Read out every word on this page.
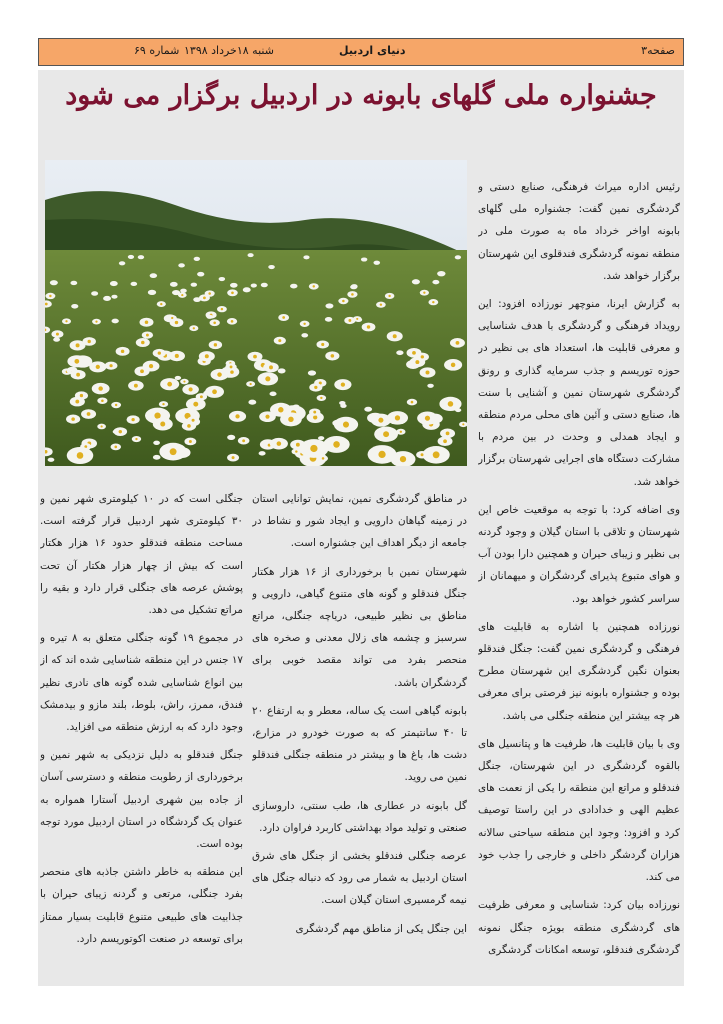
صفحه۳
دنیای اردبیل
شنبه ۱۸خرداد ۱۳۹۸
شماره ۶۹
جشنواره ملی گلهای بابونه در اردبیل برگزار می شود

رئیس اداره میراث فرهنگی، صنایع دستی و گردشگری نمین گفت: جشنواره ملی گلهای بابونه اواخر خرداد ماه به صورت ملی در منطقه نمونه گردشگری فندقلوی این شهرستان برگزار خواهد شد.

به گزارش ایرنا، منوچهر نورزاده افزود: این رویداد فرهنگی و گردشگری با هدف شناسایی و معرفی قابلیت ها، استعداد های بی نظیر در حوزه توریسم و جذب سرمایه گذاری و رونق گردشگری شهرستان نمین و آشنایی با سنت ها، صنایع دستی و آئین های محلی مردم منطقه و ایجاد همدلی و وحدت در بین مردم با مشارکت دستگاه های اجرایی شهرستان برگزار خواهد شد.

وی اضافه کرد: با توجه به موقعیت خاص این شهرستان و تلاقی با استان گیلان و وجود گردنه بی نظیر و زیبای حیران و همچنین دارا بودن آب و هوای متبوع پذیرای گردشگران و میهمانان از سراسر کشور خواهد بود.

نورزاده همچنین با اشاره به قابلیت های فرهنگی و گردشگری نمین گفت: جنگل فندقلو بعنوان نگین گردشگری این شهرستان مطرح بوده و جشنواره بابونه نیز فرصتی برای معرفی هر چه بیشتر این منطقه جنگلی می باشد.

وی با بیان قابلیت ها، ظرفیت ها و پتانسیل های بالقوه گردشگری در این شهرستان، جنگل فندقلو و مراتع این منطقه را یکی از نعمت های عظیم الهی و خدادادی در این راستا توصیف کرد و افزود: وجود این منطقه سیاحتی سالانه هزاران گردشگر داخلی و خارجی را جذب خود می کند.

نورزاده بیان کرد: شناسایی و معرفی ظرفیت های گردشگری منطقه بویژه جنگل نمونه گردشگری فندقلو، توسعه امکانات گردشگری

در مناطق گردشگری نمین، نمایش توانایی استان در زمینه گیاهان دارویی و ایجاد شور و نشاط در جامعه از دیگر اهداف این جشنواره است.

شهرستان نمین با برخورداری از ۱۶ هزار هکتار جنگل فندقلو و گونه های متنوع گیاهی، دارویی و مناطق بی نظیر طبیعی، دریاچه جنگلی، مراتع سرسبز و چشمه های زلال معدنی و صخره های منحصر بفرد می تواند مقصد خوبی برای گردشگران باشد.

بابونه گیاهی است یک ساله، معطر و به ارتفاع ۲۰ تا ۴۰ سانتیمتر که به صورت خودرو در مزارع، دشت ها، باغ ها و بیشتر در منطقه جنگلی فندقلو نمین می روید.

گل بابونه در عطاری ها، طب سنتی، داروسازی صنعتی و تولید مواد بهداشتی کاربرد فراوان دارد.

عرصه جنگلی فندقلو بخشی از جنگل های شرق استان اردبیل به شمار می رود که دنباله جنگل های نیمه گرمسیری استان گیلان است.

این جنگل یکی از مناطق مهم گردشگری

جنگلی است که در ۱۰ کیلومتری شهر نمین و ۳۰ کیلومتری شهر اردبیل قرار گرفته است. مساحت منطقه فندقلو حدود ۱۶ هزار هکتار است که بیش از چهار هزار هکتار آن تحت پوشش عرصه های جنگلی قرار دارد و بقیه را مراتع تشکیل می دهد.

در مجموع ۱۹ گونه جنگلی متعلق به ۸ تیره و ۱۷ جنس در این منطقه شناسایی شده اند که از بین انواع شناسایی شده گونه های نادری نظیر فندق، ممرز، راش، بلوط، بلند مازو و بیدمشک وجود دارد که به ارزش منطقه می افزاید.

جنگل فندقلو به دلیل نزدیکی به شهر نمین و برخورداری از رطوبت منطقه و دسترسی آسان از جاده بین شهری اردبیل آستارا همواره به عنوان یک گردشگاه در استان اردبیل مورد توجه بوده است.

این منطقه به خاطر داشتن جاذبه های منحصر بفرد جنگلی، مرتعی و گردنه زیبای حیران با جذابیت های طبیعی متنوع قابلیت بسیار ممتاز برای توسعه در صنعت اکوتوریسم دارد.
